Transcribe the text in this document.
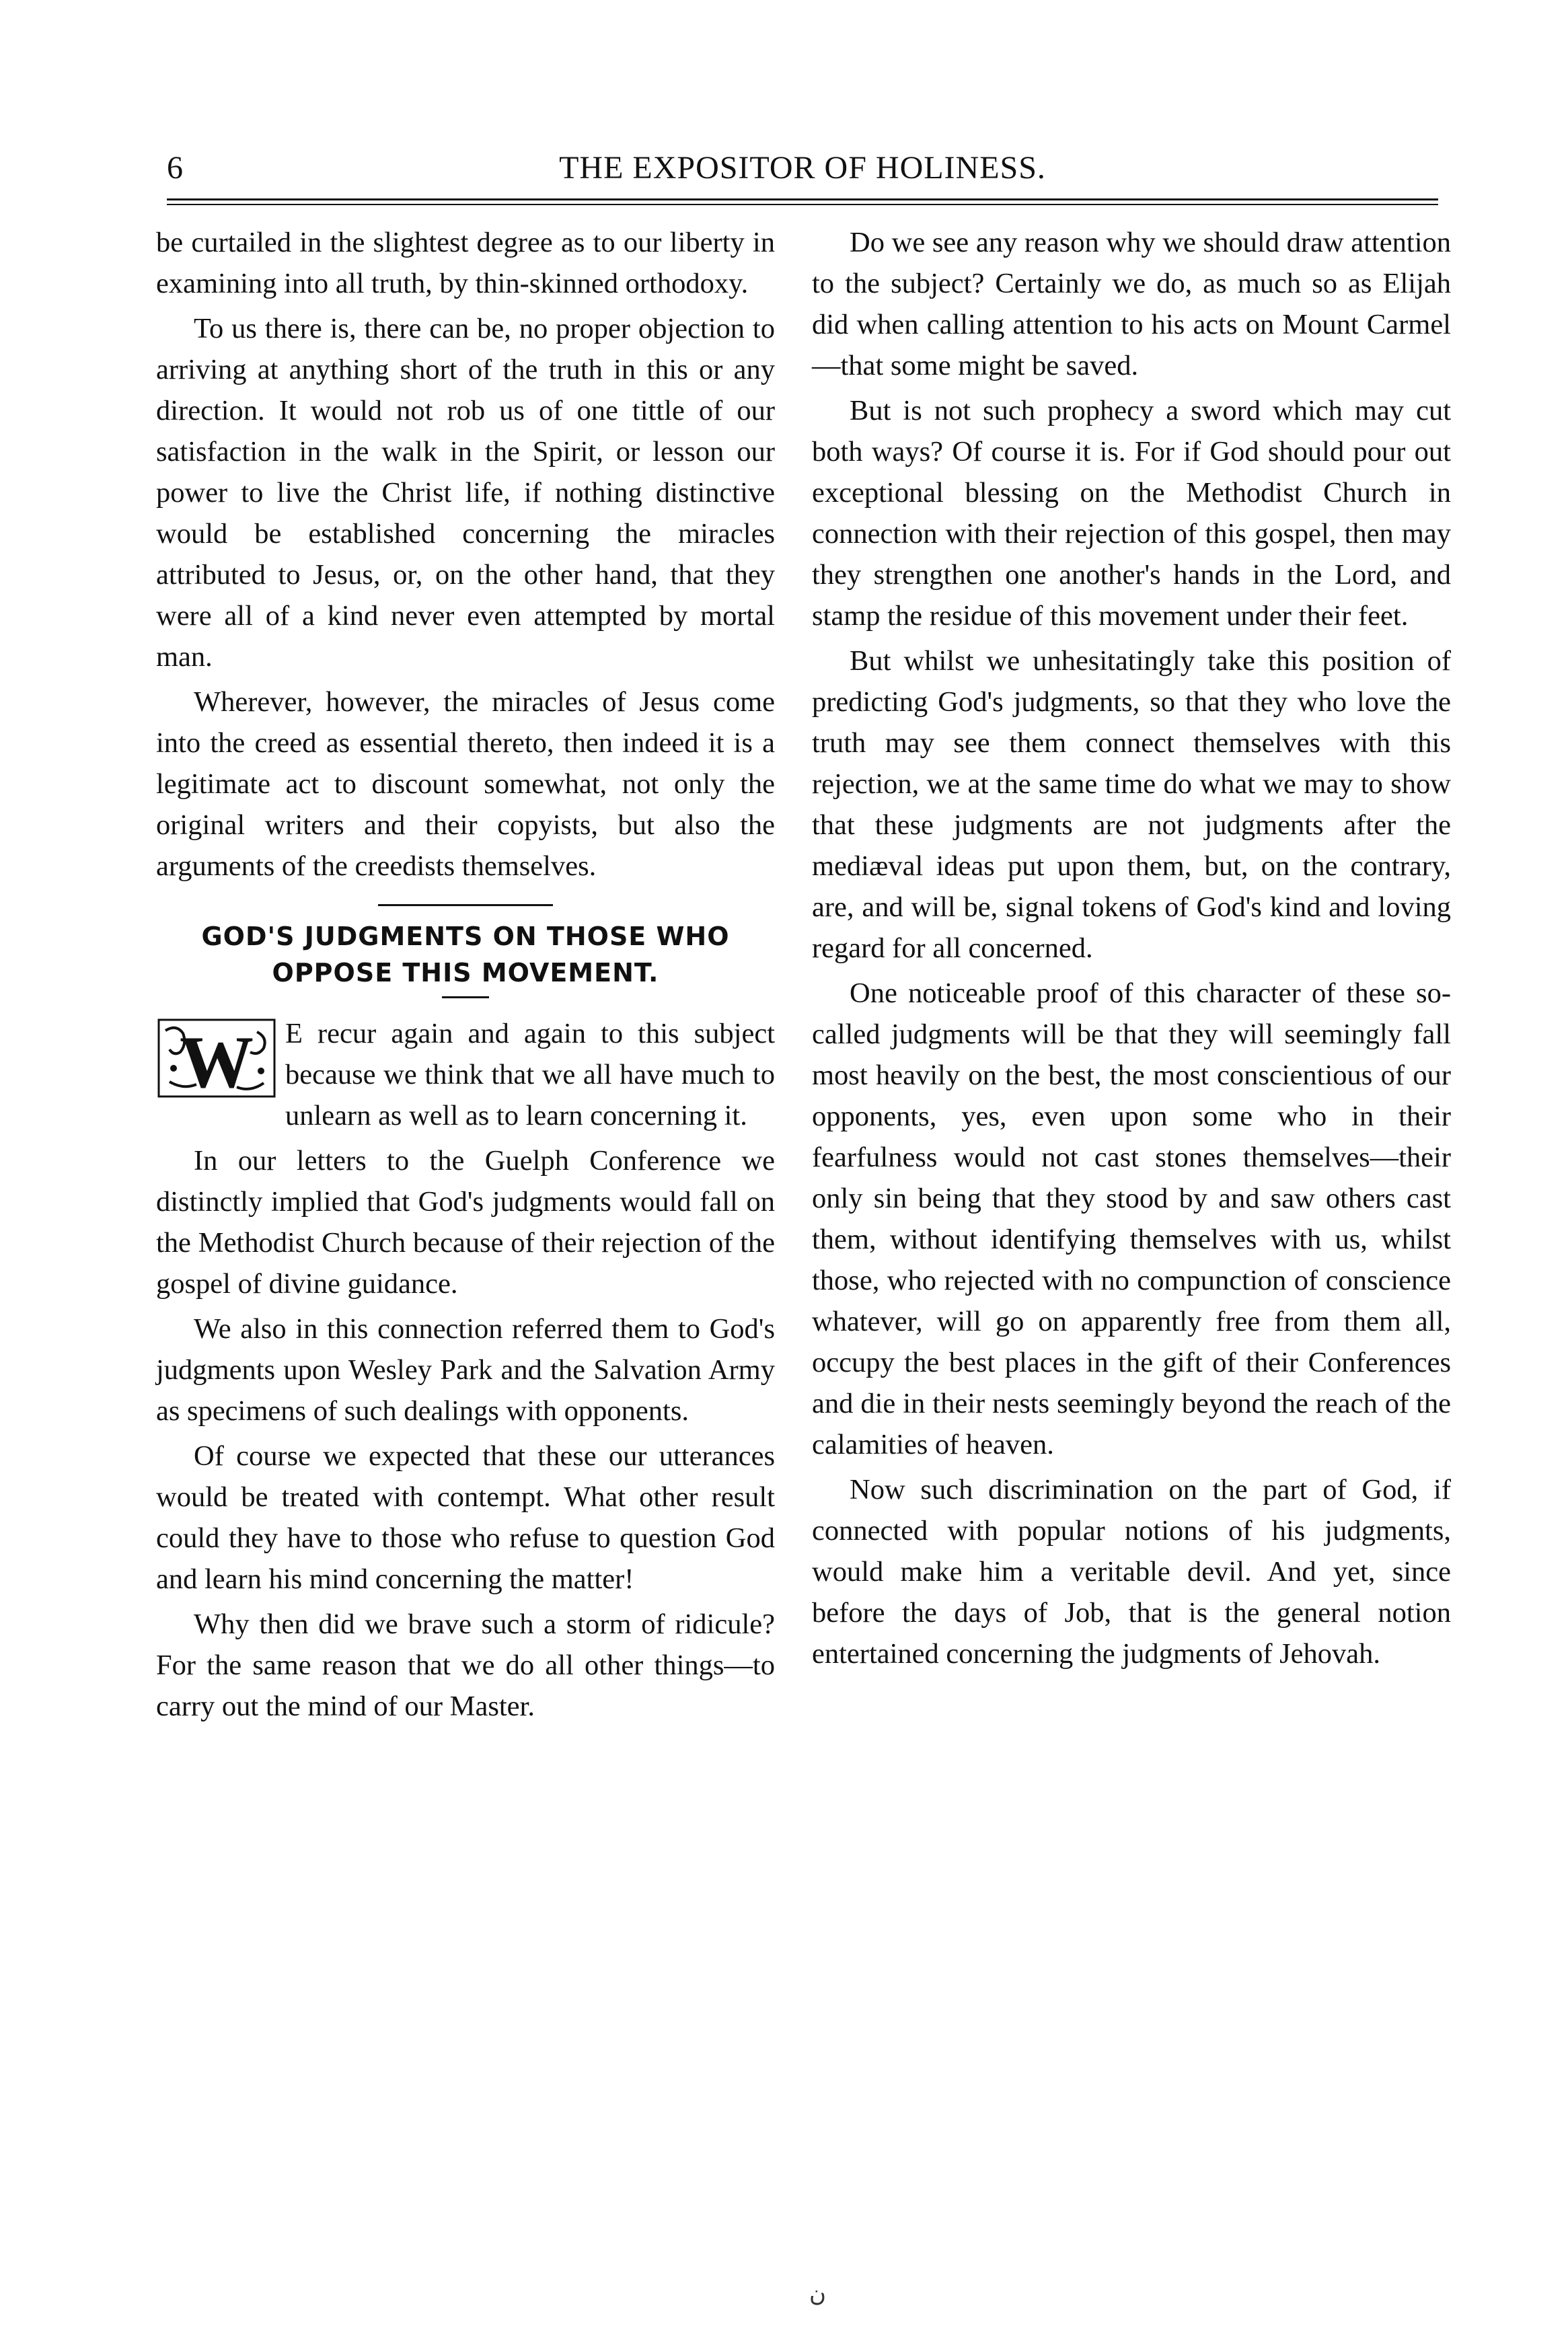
6	THE EXPOSITOR OF HOLINESS.

be curtailed in the slightest degree as to our liberty in examining into all truth, by thin-skinned orthodoxy.

To us there is, there can be, no proper objection to arriving at anything short of the truth in this or any direction. It would not rob us of one tittle of our satisfaction in the walk in the Spirit, or lesson our power to live the Christ life, if nothing distinctive would be established concerning the miracles attributed to Jesus, or, on the other hand, that they were all of a kind never even attempted by mortal man.

Wherever, however, the miracles of Jesus come into the creed as essential thereto, then indeed it is a legitimate act to discount somewhat, not only the original writers and their copyists, but also the arguments of the creedists themselves.

GOD'S JUDGMENTS ON THOSE WHO OPPOSE THIS MOVEMENT.

W E recur again and again to this subject because we think that we all have much to unlearn as well as to learn concerning it.

In our letters to the Guelph Conference we distinctly implied that God's judgments would fall on the Methodist Church because of their rejection of the gospel of divine guidance.

We also in this connection referred them to God's judgments upon Wesley Park and the Salvation Army as specimens of such dealings with opponents.

Of course we expected that these our utterances would be treated with contempt. What other result could they have to those who refuse to question God and learn his mind concerning the matter!

Why then did we brave such a storm of ridicule? For the same reason that we do all other things—to carry out the mind of our Master.

Do we see any reason why we should draw attention to the subject? Certainly we do, as much so as Elijah did when calling attention to his acts on Mount Carmel—that some might be saved.

But is not such prophecy a sword which may cut both ways? Of course it is. For if God should pour out exceptional blessing on the Methodist Church in connection with their rejection of this gospel, then may they strengthen one another's hands in the Lord, and stamp the residue of this movement under their feet.

But whilst we unhesitatingly take this position of predicting God's judgments, so that they who love the truth may see them connect themselves with this rejection, we at the same time do what we may to show that these judgments are not judgments after the mediæval ideas put upon them, but, on the contrary, are, and will be, signal tokens of God's kind and loving regard for all concerned.

One noticeable proof of this character of these so-called judgments will be that they will seemingly fall most heavily on the best, the most conscientious of our opponents, yes, even upon some who in their fearfulness would not cast stones themselves—their only sin being that they stood by and saw others cast them, without identifying themselves with us, whilst those, who rejected with no compunction of conscience whatever, will go on apparently free from them all, occupy the best places in the gift of their Conferences and die in their nests seemingly beyond the reach of the calamities of heaven.

Now such discrimination on the part of God, if connected with popular notions of his judgments, would make him a veritable devil. And yet, since before the days of Job, that is the general notion entertained concerning the judgments of Jehovah.

ن
